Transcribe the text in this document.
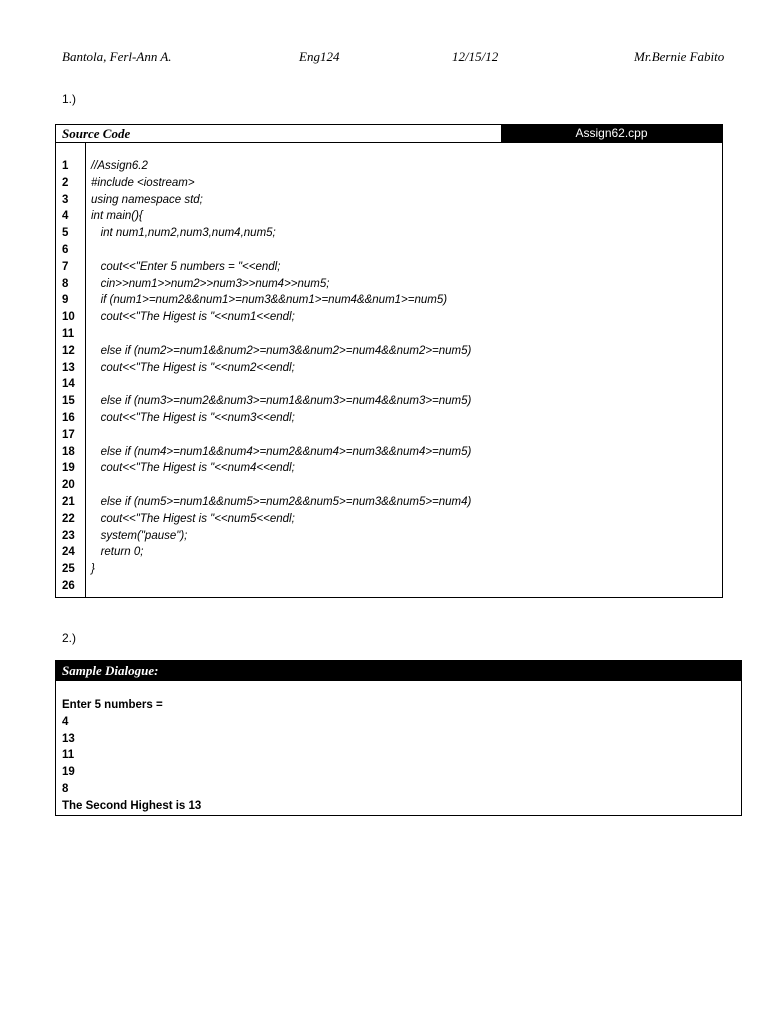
Bantola, Ferl-Ann A.	Eng124	12/15/12	Mr.Bernie Fabito
1.)
Source Code	Assign62.cpp
1 //Assign6.2
2 #include <iostream>
3 using namespace std;
4 int main(){
5 int num1,num2,num3,num4,num5;
6
7 cout<<"Enter 5 numbers = "<<endl;
8 cin>>num1>>num2>>num3>>num4>>num5;
9 if (num1>=num2&&num1>=num3&&num1>=num4&&num1>=num5)
10 cout<<"The Higest is "<<num1<<endl;
11
12 else if (num2>=num1&&num2>=num3&&num2>=num4&&num2>=num5)
13 cout<<"The Higest is "<<num2<<endl;
14
15 else if (num3>=num2&&num3>=num1&&num3>=num4&&num3>=num5)
16 cout<<"The Higest is "<<num3<<endl;
17
18 else if (num4>=num1&&num4>=num2&&num4>=num3&&num4>=num5)
19 cout<<"The Higest is "<<num4<<endl;
20
21 else if (num5>=num1&&num5>=num2&&num5>=num3&&num5>=num4)
22 cout<<"The Higest is "<<num5<<endl;
23 system("pause");
24 return 0;
25 }
26
2.)
Sample Dialogue:
Enter 5 numbers =
4
13
11
19
8
The Second Highest is 13
